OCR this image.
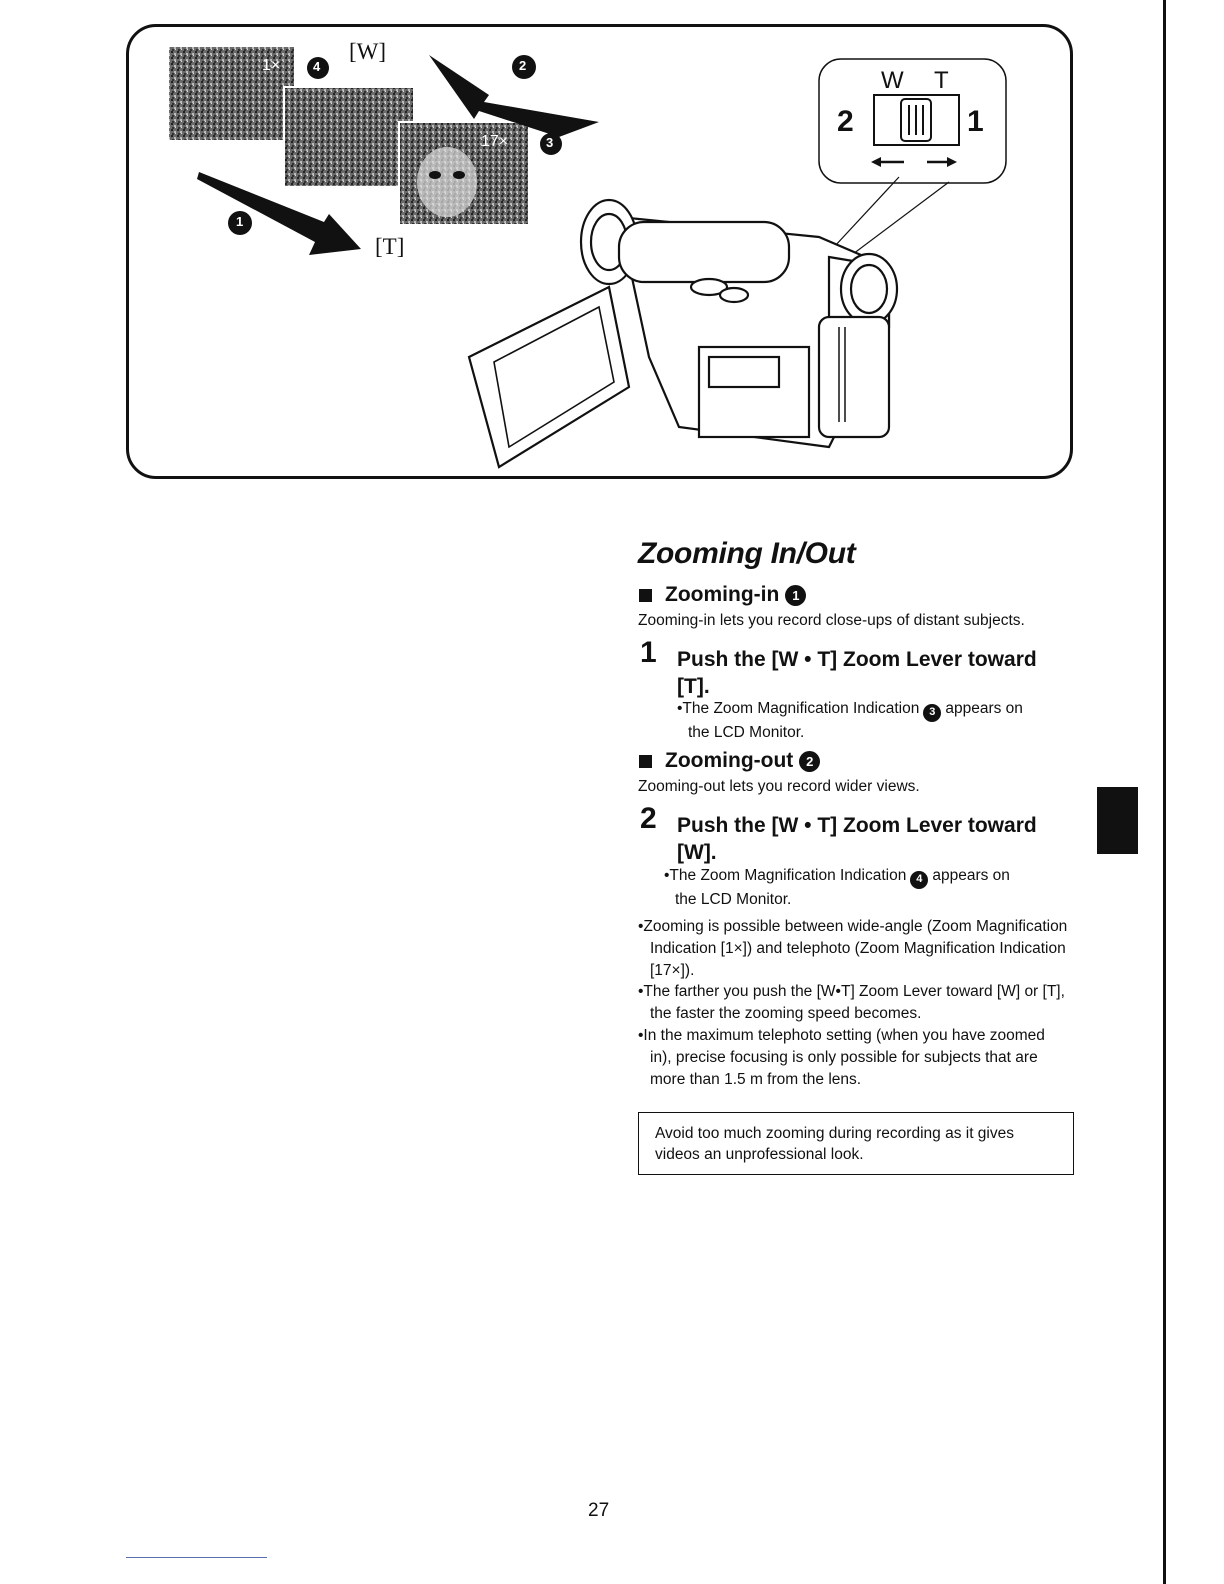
[W]
[T]
1×
17×
4	2
3
1
W T
2	1
Zooming In/Out
Zooming-in 1
Zooming-in lets you record close-ups of distant subjects.
1 Push the [W • T] Zoom Lever toward
[T].
•The Zoom Magnification Indication 3 appears on
the LCD Monitor.
Zooming-out 2
Zooming-out lets you record wider views.
2 Push the [W • T] Zoom Lever toward
[W].
•The Zoom Magnification Indication 4 appears on
the LCD Monitor.
•Zooming is possible between wide-angle (Zoom Magnification Indication [1×]) and telephoto (Zoom Magnification Indication [17×]).
•The farther you push the [W•T] Zoom Lever toward [W] or [T], the faster the zooming speed becomes.
•In the maximum telephoto setting (when you have zoomed in), precise focusing is only possible for subjects that are more than 1.5 m from the lens.
Avoid too much zooming during recording as it gives videos an unprofessional look.
27
